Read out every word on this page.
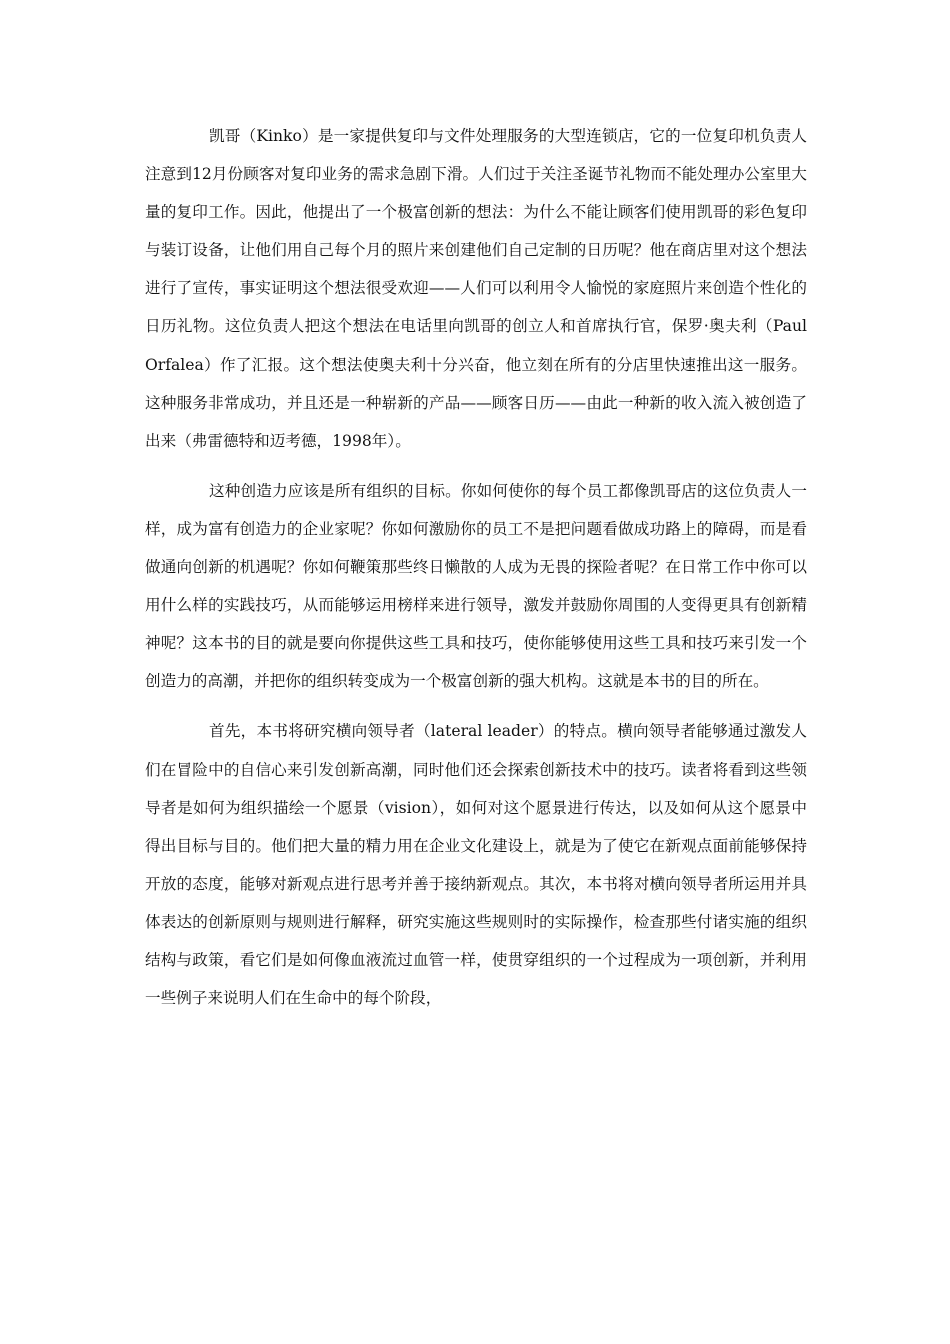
凯哥（Kinko）是一家提供复印与文件处理服务的大型连锁店，它的一位复印机负责人注意到12月份顾客对复印业务的需求急剧下滑。人们过于关注圣诞节礼物而不能处理办公室里大量的复印工作。因此，他提出了一个极富创新的想法：为什么不能让顾客们使用凯哥的彩色复印与装订设备，让他们用自己每个月的照片来创建他们自己定制的日历呢？他在商店里对这个想法进行了宣传，事实证明这个想法很受欢迎——人们可以利用令人愉悦的家庭照片来创造个性化的日历礼物。这位负责人把这个想法在电话里向凯哥的创立人和首席执行官，保罗·奥夫利（Paul Orfalea）作了汇报。这个想法使奥夫利十分兴奋，他立刻在所有的分店里快速推出这一服务。这种服务非常成功，并且还是一种崭新的产品——顾客日历——由此一种新的收入流入被创造了出来（弗雷德特和迈考德，1998年）。

这种创造力应该是所有组织的目标。你如何使你的每个员工都像凯哥店的这位负责人一样，成为富有创造力的企业家呢？你如何激励你的员工不是把问题看做成功路上的障碍，而是看做通向创新的机遇呢？你如何鞭策那些终日懒散的人成为无畏的探险者呢？在日常工作中你可以用什么样的实践技巧，从而能够运用榜样来进行领导，激发并鼓励你周围的人变得更具有创新精神呢？这本书的目的就是要向你提供这些工具和技巧，使你能够使用这些工具和技巧来引发一个创造力的高潮，并把你的组织转变成为一个极富创新的强大机构。这就是本书的目的所在。

首先，本书将研究横向领导者（lateral leader）的特点。横向领导者能够通过激发人们在冒险中的自信心来引发创新高潮，同时他们还会探索创新技术中的技巧。读者将看到这些领导者是如何为组织描绘一个愿景（vision），如何对这个愿景进行传达，以及如何从这个愿景中得出目标与目的。他们把大量的精力用在企业文化建设上，就是为了使它在新观点面前能够保持开放的态度，能够对新观点进行思考并善于接纳新观点。其次，本书将对横向领导者所运用并具体表达的创新原则与规则进行解释，研究实施这些规则时的实际操作，检查那些付诸实施的组织结构与政策，看它们是如何像血液流过血管一样，使贯穿组织的一个过程成为一项创新，并利用一些例子来说明人们在生命中的每个阶段，
